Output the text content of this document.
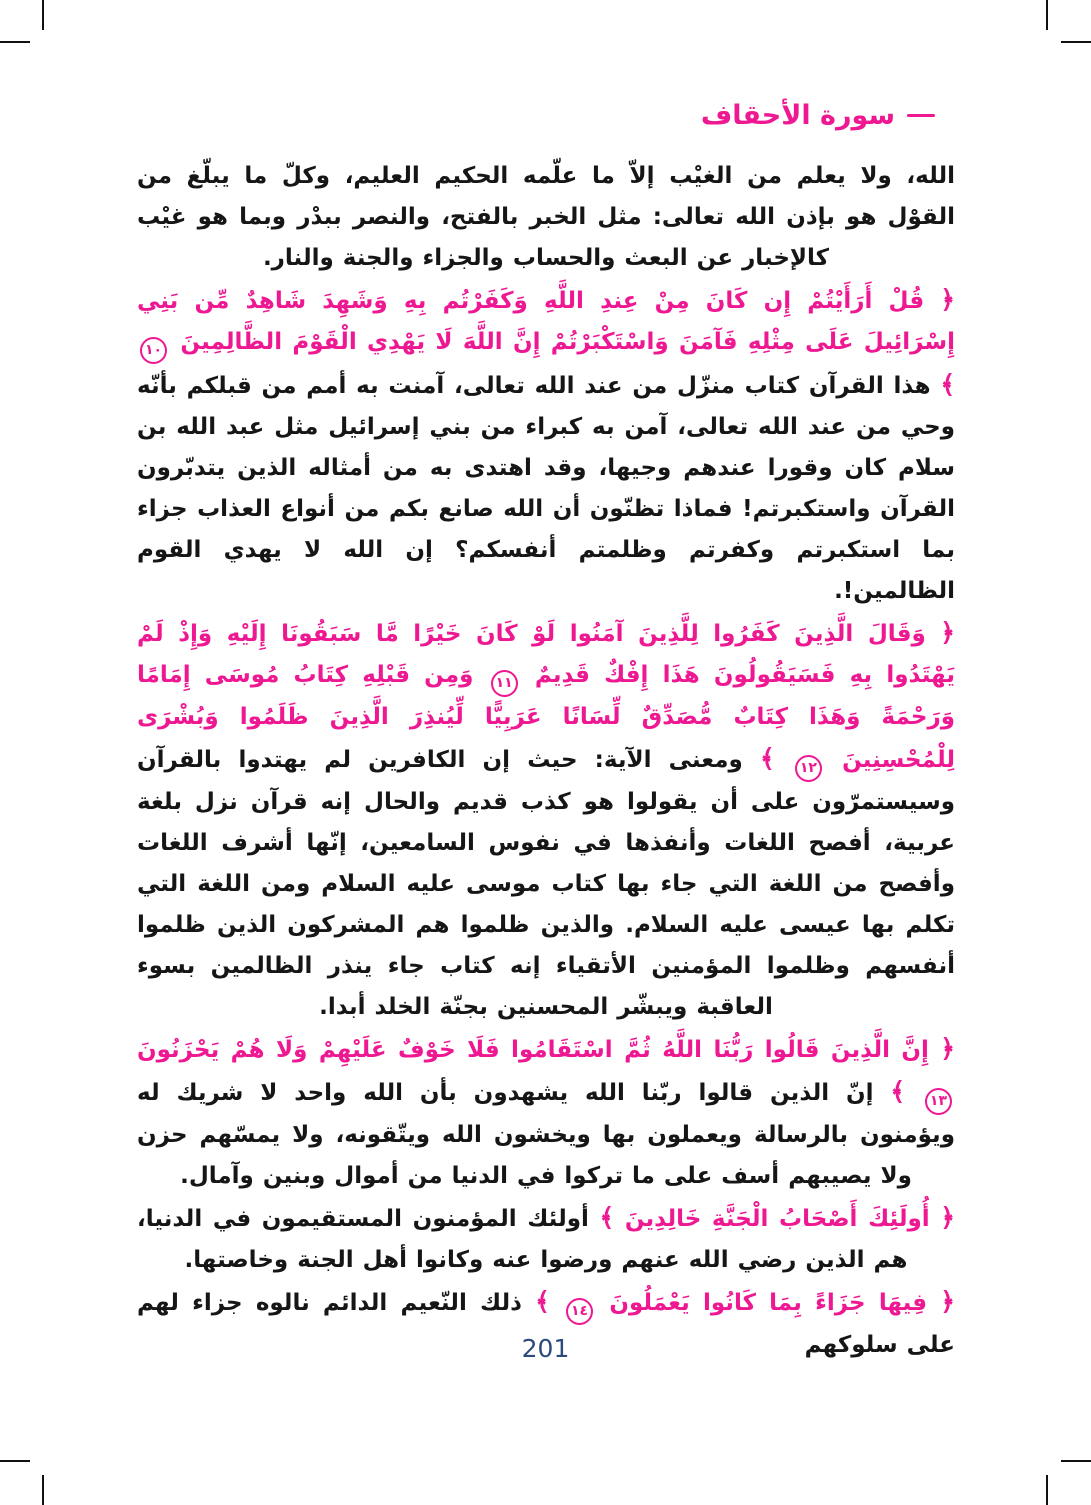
سورة الأحقاف

الله، ولا يعلم من الغيْب إلاّ ما علّمه الحكيم العليم، وكلّ ما يبلّغ من القوْل هو بإذن الله تعالى: مثل الخبر بالفتح، والنصر ببدْر وبما هو غيْب كالإخبار عن البعث والحساب والجزاء والجنة والنار.

﴿ قُلْ أَرَأَيْتُمْ إِن كَانَ مِنْ عِندِ اللَّهِ وَكَفَرْتُم بِهِ وَشَهِدَ شَاهِدٌ مِّن بَنِي إِسْرَائِيلَ عَلَى مِثْلِهِ فَآمَنَ وَاسْتَكْبَرْتُمْ إِنَّ اللَّهَ لَا يَهْدِي الْقَوْمَ الظَّالِمِينَ ١٠ ﴾ هذا القرآن كتاب منزّل من عند الله تعالى، آمنت به أمم من قبلكم بأنّه وحي من عند الله تعالى، آمن به كبراء من بني إسرائيل مثل عبد الله بن سلام كان وقورا عندهم وجيها، وقد اهتدى به من أمثاله الذين يتدبّرون القرآن واستكبرتم! فماذا تظنّون أن الله صانع بكم من أنواع العذاب جزاء بما استكبرتم وكفرتم وظلمتم أنفسكم؟ إن الله لا يهدي القوم الظالمين!.

﴿ وَقَالَ الَّذِينَ كَفَرُوا لِلَّذِينَ آمَنُوا لَوْ كَانَ خَيْرًا مَّا سَبَقُونَا إِلَيْهِ وَإِذْ لَمْ يَهْتَدُوا بِهِ فَسَيَقُولُونَ هَذَا إِفْكٌ قَدِيمٌ ١١ وَمِن قَبْلِهِ كِتَابُ مُوسَى إِمَامًا وَرَحْمَةً وَهَذَا كِتَابٌ مُّصَدِّقٌ لِّسَانًا عَرَبِيًّا لِّيُنذِرَ الَّذِينَ ظَلَمُوا وَبُشْرَى لِلْمُحْسِنِينَ ١٢ ﴾ ومعنى الآية: حيث إن الكافرين لم يهتدوا بالقرآن وسيستمرّون على أن يقولوا هو كذب قديم والحال إنه قرآن نزل بلغة عربية، أفصح اللغات وأنفذها في نفوس السامعين، إنّها أشرف اللغات وأفصح من اللغة التي جاء بها كتاب موسى عليه السلام ومن اللغة التي تكلم بها عيسى عليه السلام. والذين ظلموا هم المشركون الذين ظلموا أنفسهم وظلموا المؤمنين الأتقياء إنه كتاب جاء ينذر الظالمين بسوء العاقبة ويبشّر المحسنين بجنّة الخلد أبدا.

﴿ إِنَّ الَّذِينَ قَالُوا رَبُّنَا اللَّهُ ثُمَّ اسْتَقَامُوا فَلَا خَوْفٌ عَلَيْهِمْ وَلَا هُمْ يَحْزَنُونَ ١٣ ﴾ إنّ الذين قالوا ربّنا الله يشهدون بأن الله واحد لا شريك له ويؤمنون بالرسالة ويعملون بها ويخشون الله ويتّقونه، ولا يمسّهم حزن ولا يصيبهم أسف على ما تركوا في الدنيا من أموال وبنين وآمال.

﴿ أُولَئِكَ أَصْحَابُ الْجَنَّةِ خَالِدِينَ ﴾ أولئك المؤمنون المستقيمون في الدنيا، هم الذين رضي الله عنهم ورضوا عنه وكانوا أهل الجنة وخاصتها.

﴿ فِيهَا جَزَاءً بِمَا كَانُوا يَعْمَلُونَ ١٤ ﴾ ذلك النّعيم الدائم نالوه جزاء لهم على سلوكهم

201
